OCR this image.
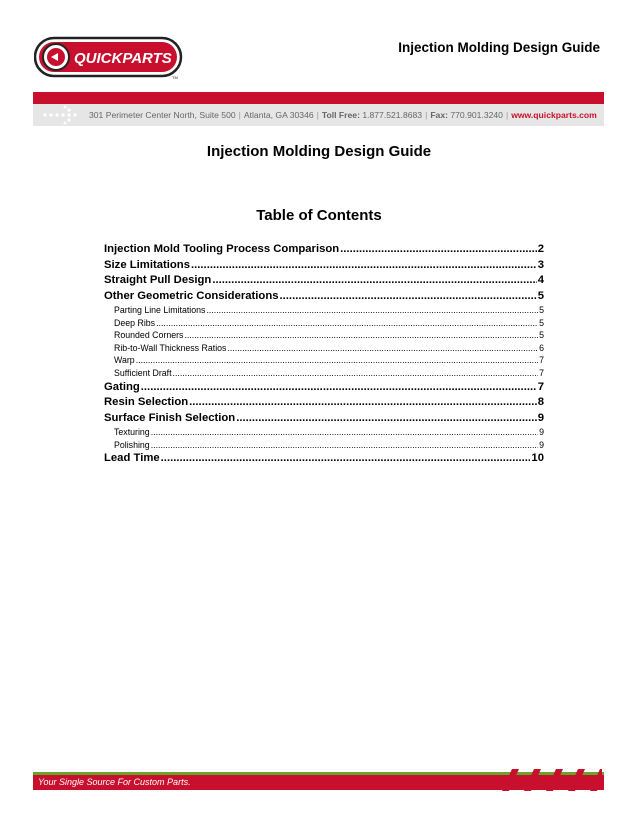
QUICKPARTS
TM
Injection Molding Design Guide
301 Perimeter Center North, Suite 500 | Atlanta, GA 30346 | Toll Free: 1.877.521.8683 | Fax: 770.901.3240 | www.quickparts.com
Injection Molding Design Guide
Table of Contents
Injection Mold Tooling Process Comparison .....	2
Size Limitations .....	3
Straight Pull Design .....	4
Other Geometric Considerations .....	5
Parting Line Limitations .....	5
Deep Ribs .....	5
Rounded Corners .....	5
Rib-to-Wall Thickness Ratios .....	6
Warp .....	7
Sufficient Draft .....	7
Gating .....	7
Resin Selection .....	8
Surface Finish Selection .....	9
Texturing .....	9
Polishing .....	9
Lead Time .....	10
Your Single Source For Custom Parts.
